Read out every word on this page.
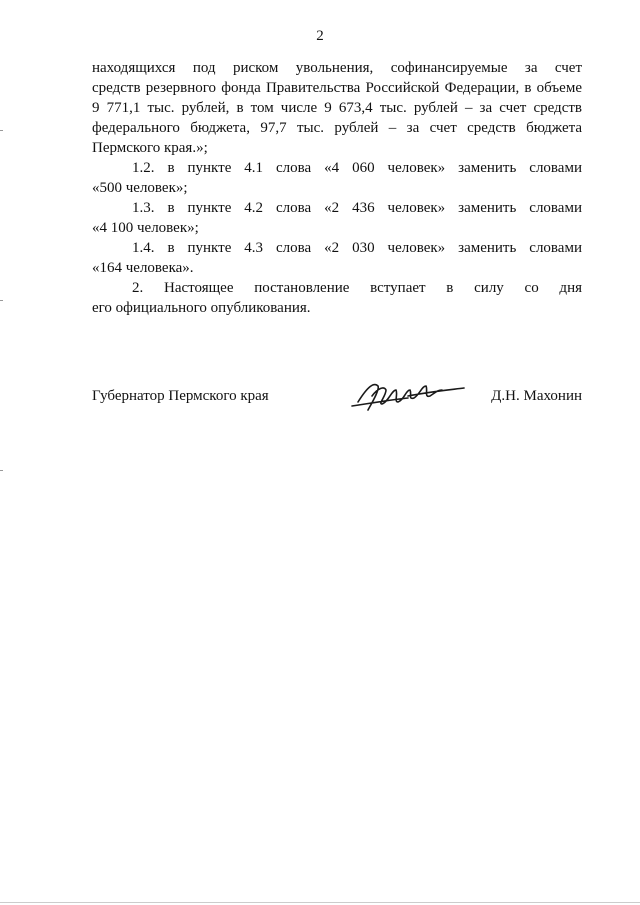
2

находящихся под риском увольнения, софинансируемые за счет
средств резервного фонда Правительства Российской Федерации, в объеме
9 771,1 тыс. рублей, в том числе 9 673,4 тыс. рублей – за счет средств
федерального бюджета, 97,7 тыс. рублей – за счет средств бюджета
Пермского края.»;

1.2. в пункте 4.1 слова «4 060 человек» заменить словами
«500 человек»;

1.3. в пункте 4.2 слова «2 436 человек» заменить словами
«4 100 человек»;

1.4. в пункте 4.3 слова «2 030 человек» заменить словами
«164 человека».

2. Настоящее постановление вступает в силу со дня
его официального опубликования.

Губернатор Пермского края	Д.Н. Махонин
